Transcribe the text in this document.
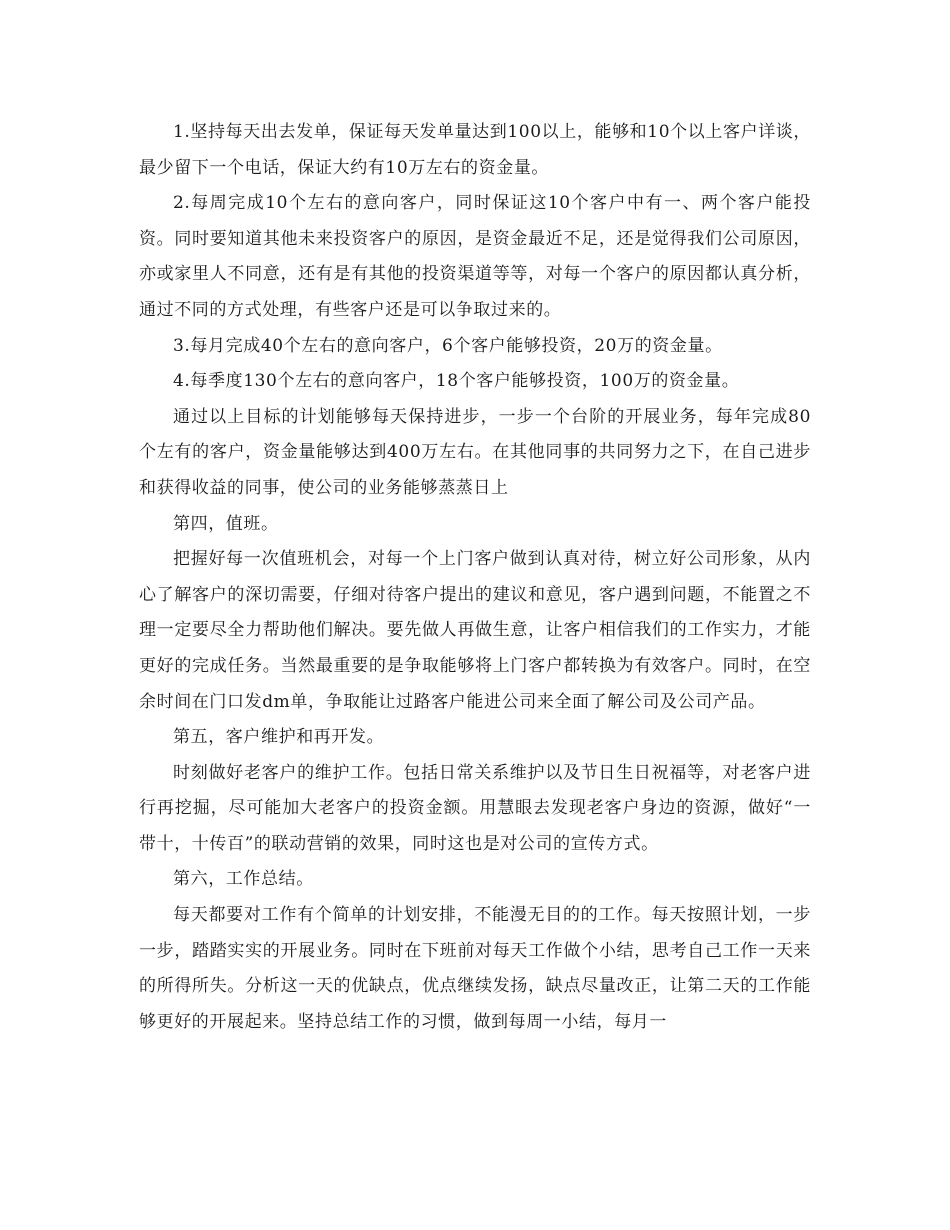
1.坚持每天出去发单，保证每天发单量达到100以上，能够和10个以上客户详谈，最少留下一个电话，保证大约有10万左右的资金量。

2.每周完成10个左右的意向客户，同时保证这10个客户中有一、两个客户能投资。同时要知道其他未来投资客户的原因，是资金最近不足，还是觉得我们公司原因，亦或家里人不同意，还有是有其他的投资渠道等等，对每一个客户的原因都认真分析，通过不同的方式处理，有些客户还是可以争取过来的。

3.每月完成40个左右的意向客户，6个客户能够投资，20万的资金量。

4.每季度130个左右的意向客户，18个客户能够投资，100万的资金量。

通过以上目标的计划能够每天保持进步，一步一个台阶的开展业务，每年完成80个左有的客户，资金量能够达到400万左右。在其他同事的共同努力之下，在自己进步和获得收益的同事，使公司的业务能够蒸蒸日上

第四，值班。

把握好每一次值班机会，对每一个上门客户做到认真对待，树立好公司形象，从内心了解客户的深切需要，仔细对待客户提出的建议和意见，客户遇到问题，不能置之不理一定要尽全力帮助他们解决。要先做人再做生意，让客户相信我们的工作实力，才能更好的完成任务。当然最重要的是争取能够将上门客户都转换为有效客户。同时，在空余时间在门口发dm单，争取能让过路客户能进公司来全面了解公司及公司产品。

第五，客户维护和再开发。

时刻做好老客户的维护工作。包括日常关系维护以及节日生日祝福等，对老客户进行再挖掘，尽可能加大老客户的投资金额。用慧眼去发现老客户身边的资源，做好“一带十，十传百”的联动营销的效果，同时这也是对公司的宣传方式。

第六，工作总结。

每天都要对工作有个简单的计划安排，不能漫无目的的工作。每天按照计划，一步一步，踏踏实实的开展业务。同时在下班前对每天工作做个小结，思考自己工作一天来的所得所失。分析这一天的优缺点，优点继续发扬，缺点尽量改正，让第二天的工作能够更好的开展起来。坚持总结工作的习惯，做到每周一小结，每月一
